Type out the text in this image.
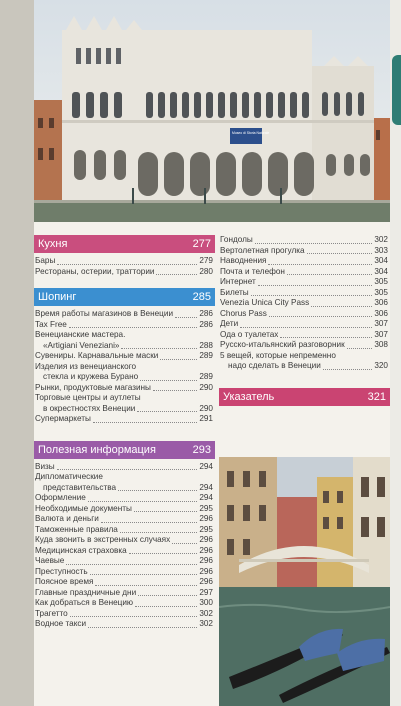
Museo di Storia Naturale
Кухня	277
Бары	279
Рестораны, остерии, траттории	280
Шопинг	285
Время работы магазинов в Венеции	286
Tax Free	286
Венецианские мастера.
«Artigiani Veneziani»	288
Сувениры. Карнавальные маски	289
Изделия из венецианского
стекла и кружева Бурано	289
Рынки, продуктовые магазины	290
Торговые центры и аутлеты
в окрестностях Венеции	290
Супермаркеты	291
Полезная информация	293
Визы	294
Дипломатические
представительства	294
Оформление	294
Необходимые документы	295
Валюта и деньги	296
Таможенные правила	295
Куда звонить в экстренных случаях	296
Медицинская страховка	296
Чаевые	296
Преступность	296
Поясное время	296
Главные праздничные дни	297
Как добраться в Венецию	300
Трагетто	302
Водное такси	302
Гондолы	302
Вертолетная прогулка	303
Наводнения	304
Почта и телефон	304
Интернет	305
Билеты	305
Venezia Unica City Pass	306
Chorus Pass	306
Дети	307
Ода о туалетах	307
Русско-итальянский разговорник	308
5 вещей, которые непременно
надо сделать в Венеции	320
Указатель	321
